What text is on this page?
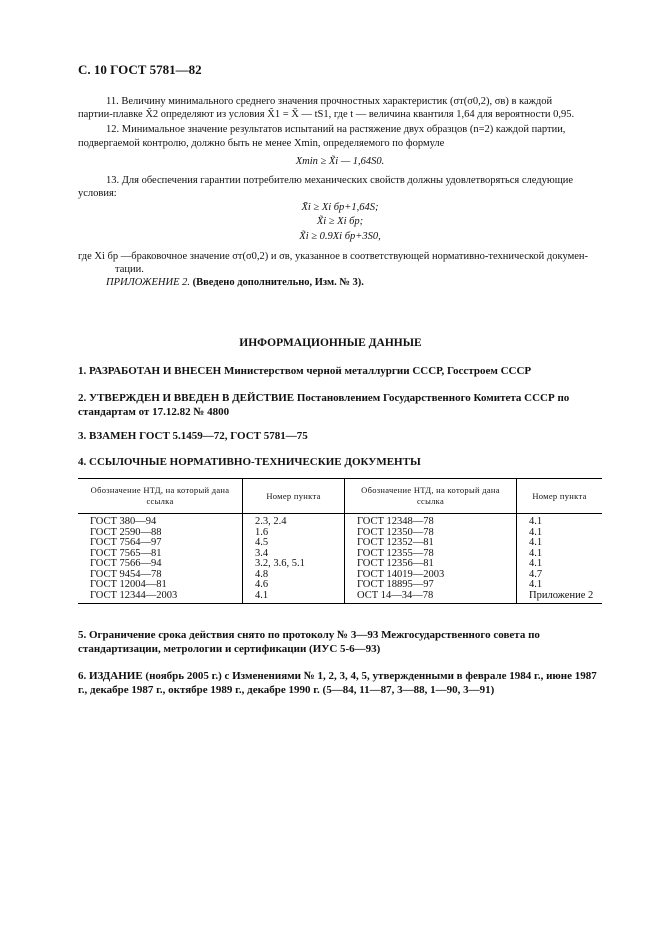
С. 10 ГОСТ 5781—82
11. Величину минимального среднего значения прочностных характеристик (σт(σ0,2), σв) в каждой
партии-плавке X̃2 определяют из условия X̃1 = X̄ — tS1, где t — величина квантиля 1,64 для вероятности 0,95.
12. Минимальное значение результатов испытаний на растяжение двух образцов (n=2) каждой партии,
подвергаемой контролю, должно быть не менее Xmin, определяемого по формуле
Xmin ≥ X̃i — 1,64S0.
13. Для обеспечения гарантии потребителю механических свойств должны удовлетворяться следующие
условия:
X̄i ≥ Xi бр+1,64S;
X̃i ≥ Xi бр;
X̃i ≥ 0.9Xi бр+3S0,
где Xi бр —браковочное значение σт(σ0,2) и σв, указанное в соответствующей нормативно-технической докумен-
тации.
ПРИЛОЖЕНИЕ 2. (Введено дополнительно, Изм. № 3).
ИНФОРМАЦИОННЫЕ ДАННЫЕ
1. РАЗРАБОТАН И ВНЕСЕН Министерством черной металлургии СССР, Госстроем СССР
2. УТВЕРЖДЕН И ВВЕДЕН В ДЕЙСТВИЕ Постановлением Государственного Комитета СССР по стандартам от 17.12.82 № 4800
3. ВЗАМЕН ГОСТ 5.1459—72, ГОСТ 5781—75
4. ССЫЛОЧНЫЕ НОРМАТИВНО-ТЕХНИЧЕСКИЕ ДОКУМЕНТЫ
Обозначение НТД, на который дана ссылка	Номер пункта	Обозначение НТД, на который дана ссылка	Номер пункта
ГОСТ 380—94	2.3, 2.4	ГОСТ 12348—78	4.1
ГОСТ 2590—88	1.6	ГОСТ 12350—78	4.1
ГОСТ 7564—97	4.5	ГОСТ 12352—81	4.1
ГОСТ 7565—81	3.4	ГОСТ 12355—78	4.1
ГОСТ 7566—94	3.2, 3.6, 5.1	ГОСТ 12356—81	4.1
ГОСТ 9454—78	4.8	ГОСТ 14019—2003	4.7
ГОСТ 12004—81	4.6	ГОСТ 18895—97	4.1
ГОСТ 12344—2003	4.1	ОСТ 14—34—78	Приложение 2
5. Ограничение срока действия снято по протоколу № 3—93 Межгосударственного совета по стандартизации, метрологии и сертификации (ИУС 5-6—93)
6. ИЗДАНИЕ (ноябрь 2005 г.) с Изменениями № 1, 2, 3, 4, 5, утвержденными в феврале 1984 г., июне 1987 г., декабре 1987 г., октябре 1989 г., декабре 1990 г. (5—84, 11—87, 3—88, 1—90, 3—91)
